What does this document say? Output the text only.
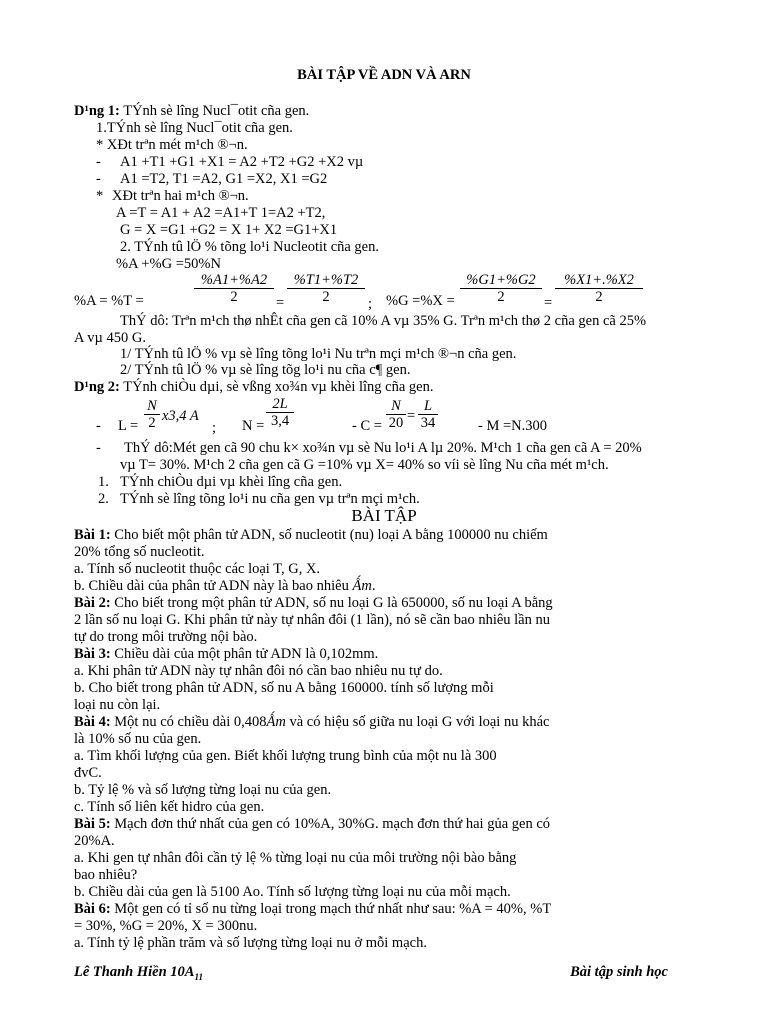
BÀI TẬP VỀ ADN VÀ ARN
D¹ng 1: TÝnh sè lîng Nucl¯otit cña gen.
1.TÝnh sè lîng Nucl¯otit cña gen.
* XÐt trªn mét m¹ch ®¬n.
- A1 +T1 +G1 +X1 = A2 +T2 +G2 +X2 vµ
- A1 =T2, T1 =A2, G1 =X2, X1 =G2
* XÐt trªn hai m¹ch ®¬n.
A =T = A1 + A2 =A1+T 1=A2 +T2,
G = X =G1 +G2 = X 1+ X2 =G1+X1
2. TÝnh tû lÖ % tõng lo¹i Nucleotit cña gen.
%A +%G =50%N
%A = %T =	$\frac{\%A1+\%A2}{2} = \frac{\%T1+\%T2}{2}$ ; $\%G =\%X = \frac{\%G1+\%G2}{2} = \frac{\%X1+.\%X2}{2}$
ThÝ dô: Trªn m¹ch thø nhÊt cña gen cã 10% A vµ 35% G. Trªn m¹ch thø 2 cña gen cã 25%
A vµ 450 G.
1/ TÝnh tû lÖ % vµ sè lîng tõng lo¹i Nu trªn mçi m¹ch ®¬n cña gen.
2/ TÝnh tû lÖ % vµ sè lîng tõg lo¹i nu cña c¶ gen.
D¹ng 2: TÝnh chiÒu dµi, sè vßng xo¾n vµ khèi lîng cña gen.
- $L = \frac{N}{2} x3,4$ A
; $N = \frac{2L}{3,4}$	- $C = \frac{N}{20} = \frac{L}{34}$	- M =N.300
- ThÝ dô:Mét gen cã 90 chu k× xo¾n vµ sè Nu lo¹i A lµ 20%. M¹ch 1 cña gen cã A = 20%
vµ T= 30%. M¹ch 2 cña gen cã G =10% vµ X= 40% so víi sè lîng Nu cña mét m¹ch.
1. TÝnh chiÒu dµi vµ khèi lîng cña gen.
2. TÝnh sè lîng tõng lo¹i nu cña gen vµ trªn mçi m¹ch.
BÀI TẬP
Bài 1: Cho biết một phân tử ADN, số nucleotit (nu) loại A bằng 100000 nu chiếm
20% tổng số nucleotit.
a. Tính số nucleotit thuộc các loại T, G, X.
b. Chiều dài của phân tử ADN này là bao nhiêu Ǻm.
Bài 2: Cho biết trong một phân tử ADN, số nu loại G là 650000, số nu loại A bằng
2 lần số nu loại G. Khi phân tử này tự nhân đôi (1 lần), nó sẽ cần bao nhiêu lần nu
tự do trong môi trường nội bào.
Bài 3: Chiều dài của một phân tử ADN là 0,102mm.
a. Khi phân tử ADN này tự nhân đôi nó cần bao nhiêu nu tự do.
b. Cho biết trong phân tử ADN, số nu A bằng 160000. tính số lượng mỗi
loại nu còn lại.
Bài 4: Một nu có chiều dài 0,408Ǻm và có hiệu số giữa nu loại G với loại nu khác
là 10% số nu của gen.
a. Tìm khối lượng của gen. Biết khối lượng trung bình của một nu là 300
đvC.
b. Tỷ lệ % và số lượng từng loại nu của gen.
c. Tính số liên kết hidro của gen.
Bài 5: Mạch đơn thứ nhất của gen có 10%A, 30%G. mạch đơn thứ hai gủa gen có
20%A.
a. Khi gen tự nhân đôi cần tỷ lệ % từng loại nu của môi trường nội bào bằng
bao nhiêu?
b. Chiều dài của gen là 5100 Ao. Tính số lượng từng loại nu của mỗi mạch.
Bài 6: Một gen có tỉ số nu từng loại trong mạch thứ nhất như sau: %A = 40%, %T
= 30%, %G = 20%, X = 300nu.
a. Tính tỷ lệ phần trăm và số lượng từng loại nu ở mỗi mạch.
Lê Thanh Hiền $10A_{11}$	Bài tập sinh học
